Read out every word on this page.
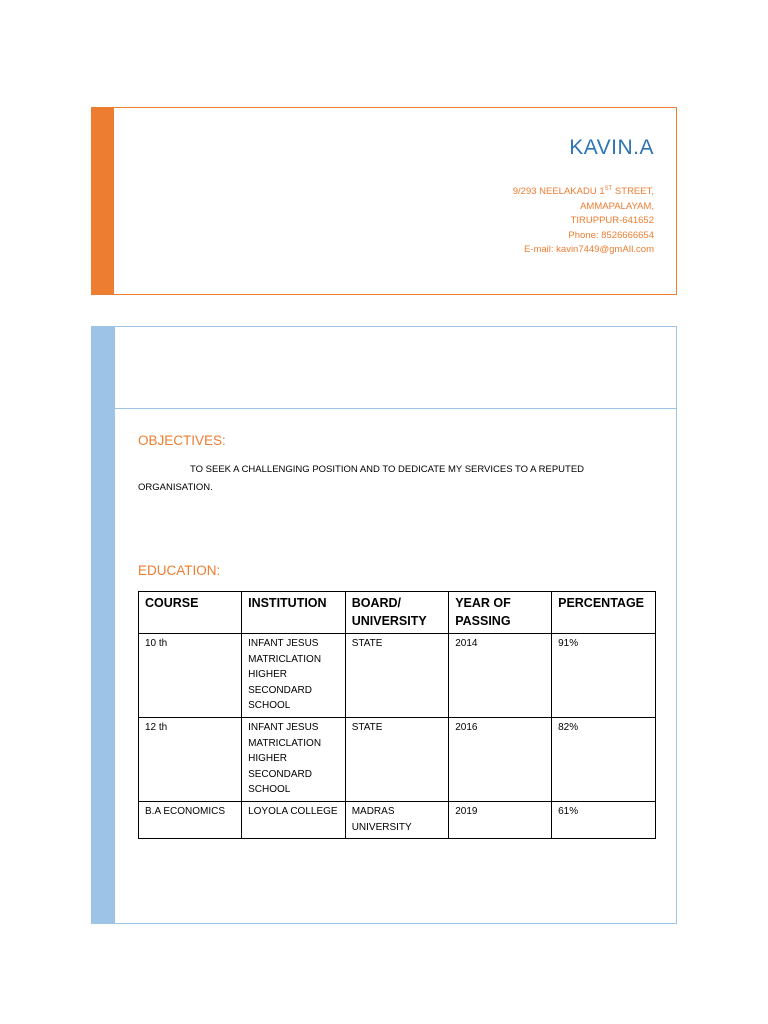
KAVIN.A
9/293 NEELAKADU 1ST STREET,
AMMAPALAYAM,
TIRUPPUR-641652
Phone: 8526666654
E-mail: kavin7449@gmAIl.com
OBJECTIVES:
TO SEEK A CHALLENGING POSITION AND TO DEDICATE MY SERVICES TO A REPUTED ORGANISATION.
EDUCATION:
COURSE	INSTITUTION	BOARD/ UNIVERSITY	YEAR OF PASSING	PERCENTAGE
10 th	INFANT JESUS MATRICLATION HIGHER SECONDARD SCHOOL	STATE	2014	91%
12 th	INFANT JESUS MATRICLATION HIGHER SECONDARD SCHOOL	STATE	2016	82%
B.A ECONOMICS	LOYOLA COLLEGE	MADRAS UNIVERSITY	2019	61%
